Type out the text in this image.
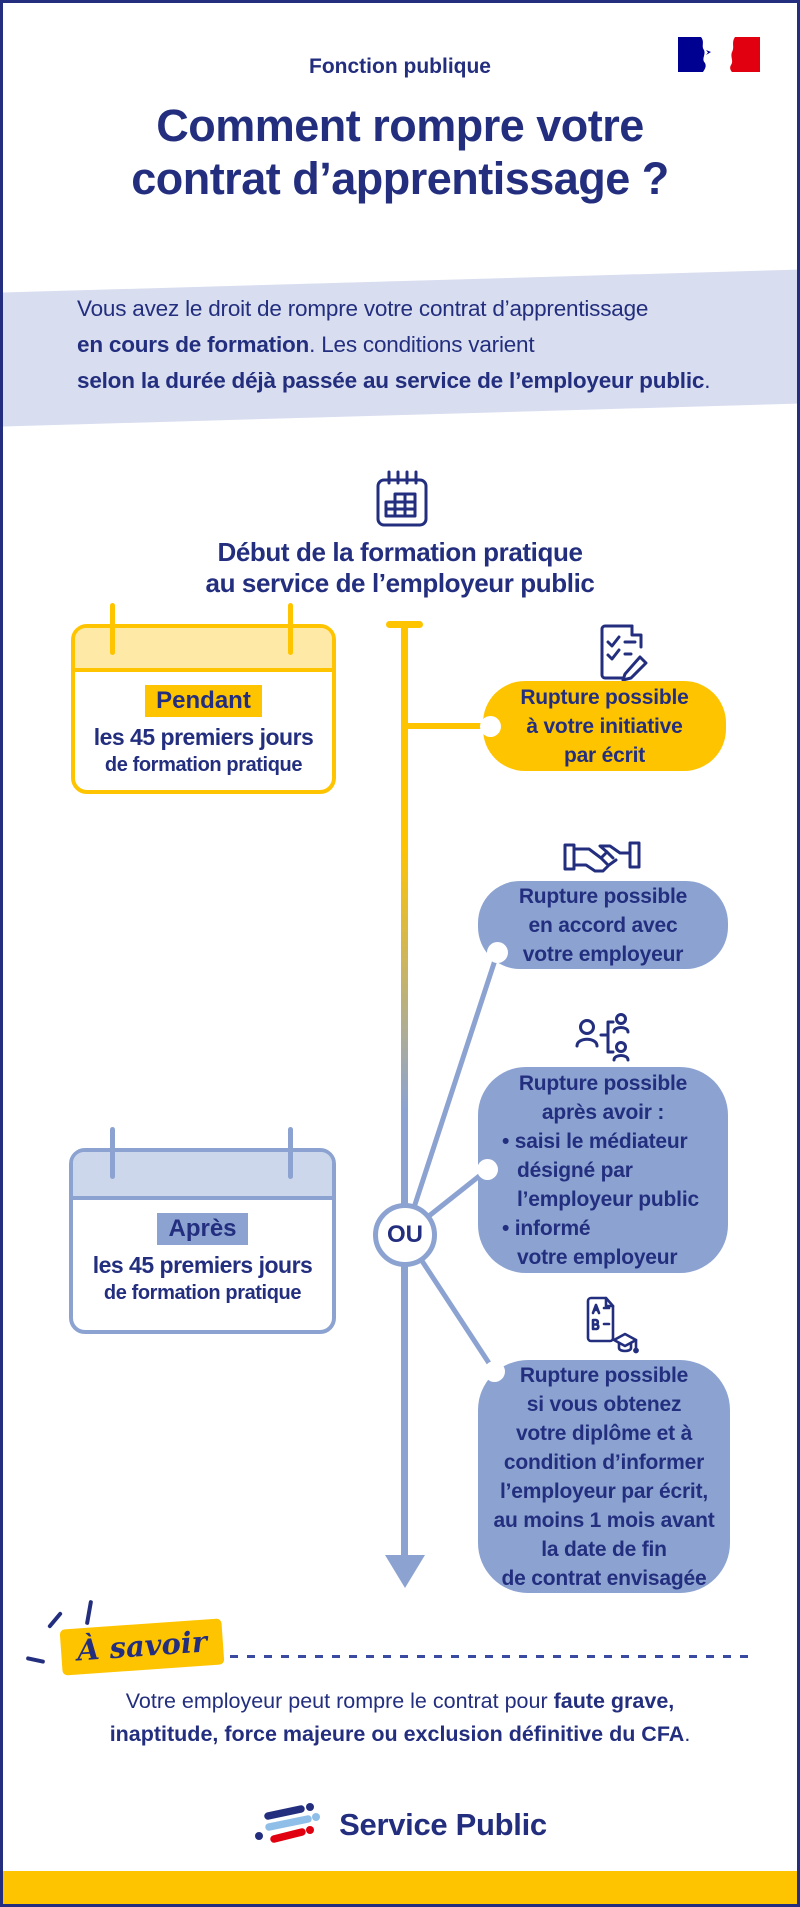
Fonction publique
Comment rompre votre
contrat d’apprentissage ?
Vous avez le droit de rompre votre contrat d’apprentissage
en cours de formation. Les conditions varient
selon la durée déjà passée au service de l’employeur public.
Début de la formation pratique
au service de l’employeur public
OU
Pendant
les 45 premiers jours
de formation pratique
Après
les 45 premiers jours
de formation pratique
Rupture possible
à votre initiative
par écrit
Rupture possible
en accord avec
votre employeur
Rupture possible
après avoir :
• saisi le médiateur
désigné par
l’employeur public
• informé
votre employeur
Rupture possible
si vous obtenez
votre diplôme et à
condition d’informer
l’employeur par écrit,
au moins 1 mois avant
la date de fin
de contrat envisagée
À savoir
Votre employeur peut rompre le contrat pour faute grave,
inaptitude, force majeure ou exclusion définitive du CFA.
Service Public
